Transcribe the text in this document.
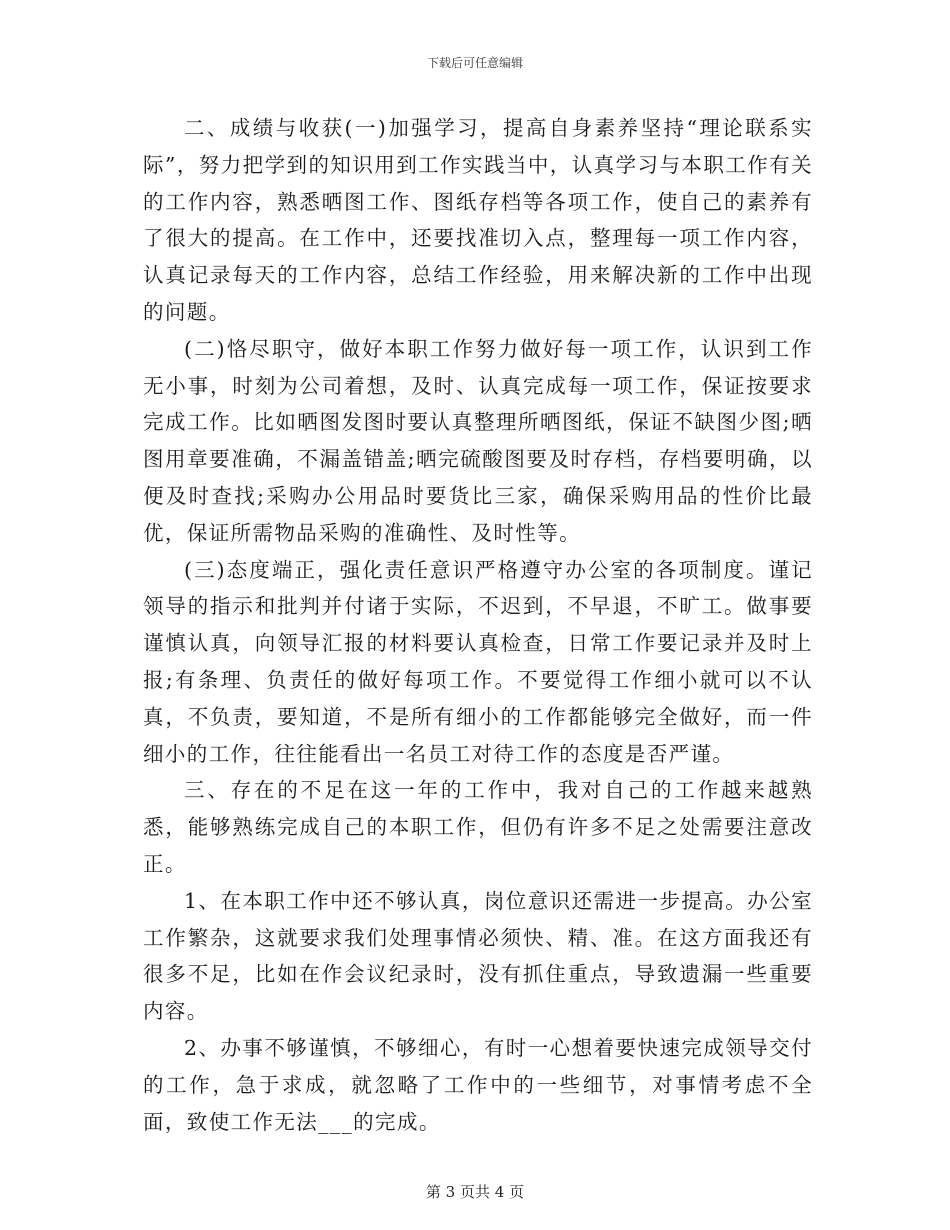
下载后可任意编辑

二、成绩与收获(一)加强学习，提高自身素养坚持“理论联系实际”，努力把学到的知识用到工作实践当中，认真学习与本职工作有关的工作内容，熟悉晒图工作、图纸存档等各项工作，使自己的素养有了很大的提高。在工作中，还要找准切入点，整理每一项工作内容，认真记录每天的工作内容，总结工作经验，用来解决新的工作中出现的问题。

(二)恪尽职守，做好本职工作努力做好每一项工作，认识到工作无小事，时刻为公司着想，及时、认真完成每一项工作，保证按要求完成工作。比如晒图发图时要认真整理所晒图纸，保证不缺图少图;晒图用章要准确，不漏盖错盖;晒完硫酸图要及时存档，存档要明确，以便及时查找;采购办公用品时要货比三家，确保采购用品的性价比最优，保证所需物品采购的准确性、及时性等。

(三)态度端正，强化责任意识严格遵守办公室的各项制度。谨记领导的指示和批判并付诸于实际，不迟到，不早退，不旷工。做事要谨慎认真，向领导汇报的材料要认真检查，日常工作要记录并及时上报;有条理、负责任的做好每项工作。不要觉得工作细小就可以不认真，不负责，要知道，不是所有细小的工作都能够完全做好，而一件细小的工作，往往能看出一名员工对待工作的态度是否严谨。

三、存在的不足在这一年的工作中，我对自己的工作越来越熟悉，能够熟练完成自己的本职工作，但仍有许多不足之处需要注意改正。

1、在本职工作中还不够认真，岗位意识还需进一步提高。办公室工作繁杂，这就要求我们处理事情必须快、精、准。在这方面我还有很多不足，比如在作会议纪录时，没有抓住重点，导致遗漏一些重要内容。

2、办事不够谨慎，不够细心，有时一心想着要快速完成领导交付的工作，急于求成，就忽略了工作中的一些细节，对事情考虑不全面，致使工作无法___的完成。

第 3 页共 4 页
